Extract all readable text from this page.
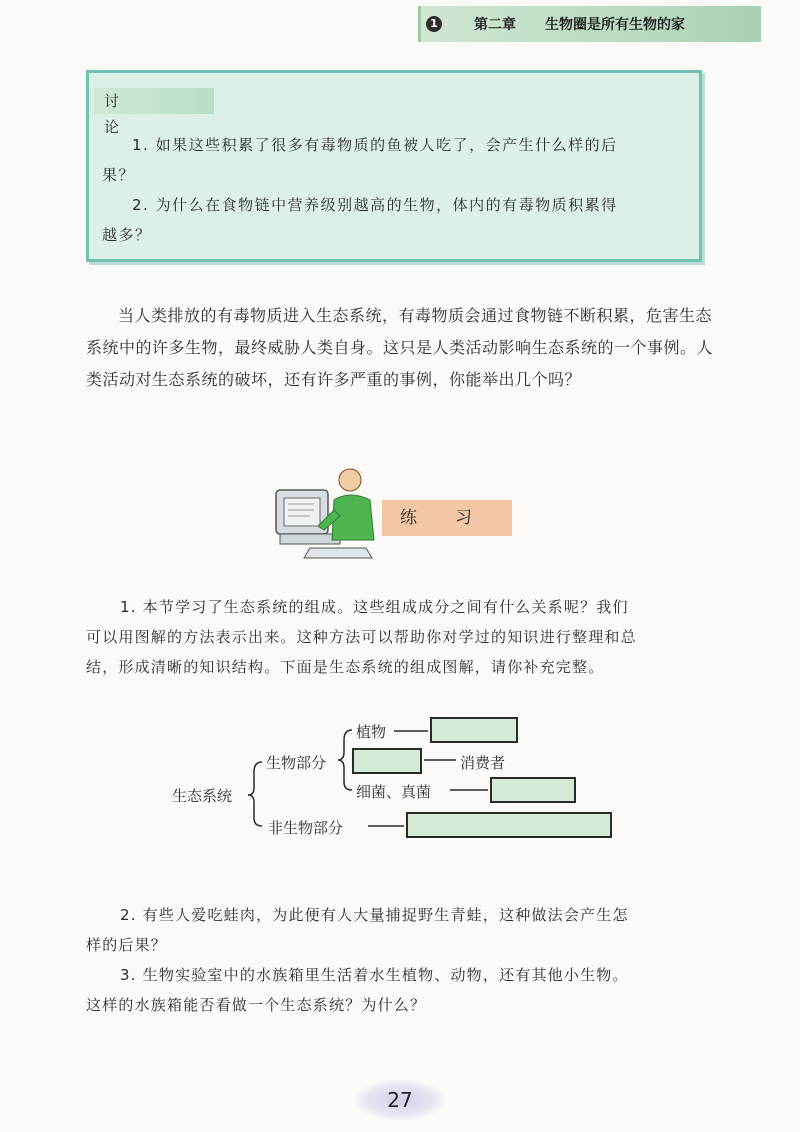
1	第二章 生物圈是所有生物的家
讨论
1. 如果这些积累了很多有毒物质的鱼被人吃了，会产生什么样的后
果？
2. 为什么在食物链中营养级别越高的生物，体内的有毒物质积累得
越多？
当人类排放的有毒物质进入生态系统，有毒物质会通过食物链不断积累，危害生态系统中的许多生物，最终威胁人类自身。这只是人类活动影响生态系统的一个事例。人类活动对生态系统的破坏，还有许多严重的事例，你能举出几个吗？
练习
1. 本节学习了生态系统的组成。这些组成成分之间有什么关系呢？我们
可以用图解的方法表示出来。这种方法可以帮助你对学过的知识进行整理和总
结，形成清晰的知识结构。下面是生态系统的组成图解，请你补充完整。
生态系统
生物部分
植物
消费者
细菌、真菌
非生物部分
2. 有些人爱吃蛙肉，为此便有人大量捕捉野生青蛙，这种做法会产生怎
样的后果？
3. 生物实验室中的水族箱里生活着水生植物、动物，还有其他小生物。
这样的水族箱能否看做一个生态系统？为什么？
27
